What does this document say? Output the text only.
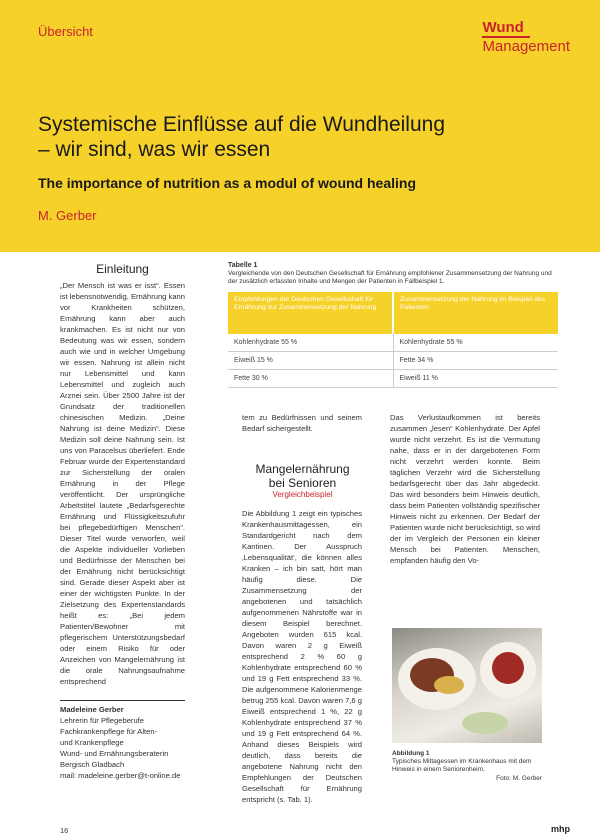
Übersicht	Wund
Management
Systemische Einflüsse auf die Wundheilung
– wir sind, was wir essen
The importance of nutrition as a modul of wound healing
M. Gerber
Einleitung

„Der Mensch ist was er isst“. Essen ist lebensnotwendig, Ernährung kann vor Krankheiten schützen, Ernährung kann aber auch krankmachen. Es ist nicht nur von Bedeutung was wir essen, sondern auch wie und in welcher Umgebung wir essen. Nahrung ist allein nicht nur Lebensmittel und kann Lebensmittel und zugleich auch Arznei sein. Über 2500 Jahre ist der Grundsatz der traditionellen chinesischen Medizin. „Deine Nahrung ist deine Medizin“. Diese Medizin soll deine Nahrung sein. Ist uns von Paracelsus überliefert. Ende Februar wurde der Expertenstandard zur Sicherstellung der oralen Ernährung in der Pflege veröffentlicht. Der ursprüngliche Arbeitstitel lautete „Bedarfsgerechte Ernährung und Flüssigkeitszufuhr bei pflegebedürftigen Menschen“. Dieser Titel wurde verworfen, weil die Aspekte individueller Vorlieben und Bedürfnisse der Menschen bei der Ernährung nicht berücksichtigt sind. Gerade dieser Aspekt aber ist einer der wichtigsten Punkte. In der Zielsetzung des Expertenstandards heißt es: „Bei jedem Patienten/Bewohner mit pflegerischem Unterstützungsbedarf oder einem Risiko für oder Anzeichen von Mangelernährung ist die orale Nahrungsaufnahme entsprechend

Madeleine Gerber
Lehrerin für Pflegeberufe
Fachkrankenpflege für Alten-
und Krankenpflege
Wund- und Ernährungsberaterin
Bergisch Gladbach
mail: madeleine.gerber@t-online.de
Tabelle 1
Vergleichende von den Deutschen Gesellschaft für Ernährung empfohlener Zusammensetzung der Nahrung und der zusätzlich erfassten Inhalte und Mengen der Patienten in Fallbeispiel 1.
Empfehlungen der Deutschen Gesellschaft für Ernährung zur Zusammensetzung der Nahrung	Zusammensetzung der Nahrung im Beispiel des Patienten
Kohlenhydrate 55 %	Kohlenhydrate 55 %
Eiweiß 15 %	Fette 34 %
Fette 30 %	Eiweiß 11 %
tem zu Bedürfnissen und seinem Bedarf sichergestellt.
Mangelernährung
bei Senioren
Vergleichbeispiel

Die Abbildung 1 zeigt ein typisches Krankenhausmittagessen, ein Standardgericht nach dem Kantinen. Der Ausspruch ‚Lebensqualität‘, die können alles Kranken – ich bin satt, hört man häufig diese. Die Zusammensetzung der angebotenen und tatsächlich aufgenommenen Nährstoffe war in diesem Beispiel berechnet. Angeboten wurden 615 kcal. Davon waren 2 g Eiweiß entsprechend 2 % 60 g Kohlenhydrate entsprechend 60 % und 19 g Fett entsprechend 33 %. Die aufgenommene Kalorienmenge betrug 255 kcal. Davon waren 7,6 g Eiweiß entsprechend 1 %, 22 g Kohlenhydrate entsprechend 37 % und 19 g Fett entsprechend 64 %. Anhand dieses Beispiels wird deutlich, dass bereits die angebotene Nahrung nicht den Empfehlungen der Deutschen Gesellschaft für Ernährung entspricht (s. Tab. 1).

Das Verlustaufkommen ist bereits zusammen „lesen“ Kohlenhydrate. Der Apfel wurde nicht verzehrt. Es ist die Vermutung nahe, dass er in der dargebotenen Form nicht verzehrt werden konnte. Beim täglichen Verzehr wird die Sicherstellung bedarfsgerecht über das Jahr abgedeckt. Das wird besonders beim Hinweis deutlich, dass beim Patienten vollständig spezifischer Hinweis nicht zu erkennen. Der Bedarf der Patienten wurde nicht berücksichtigt, so wird der im Vergleich der Personen ein kleiner Mensch bei Patienten. Menschen, empfanden häufig den Vo-

Abbildung 1
Typisches Mittagessen im Krankenhaus mit dem Hinweis in einem Seniorenheim.
Foto: M. Gerber
16	mhp
